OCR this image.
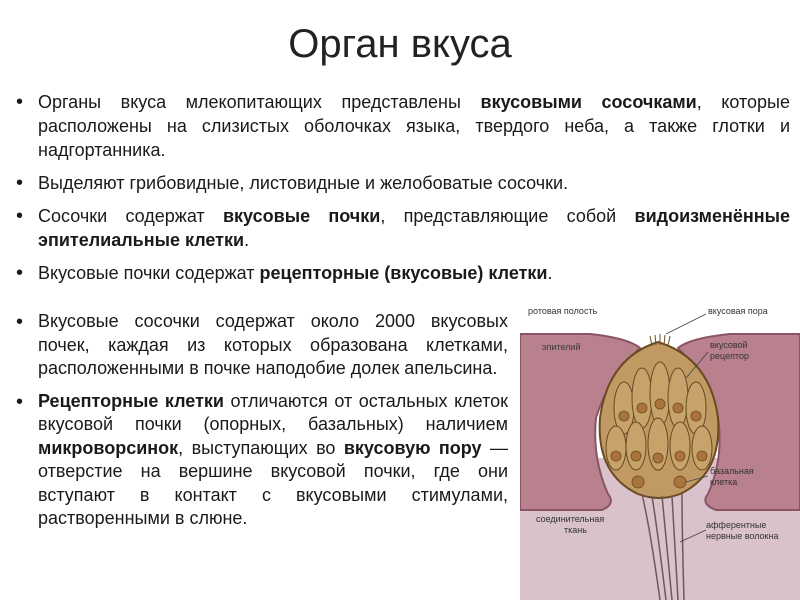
Орган вкуса
• Органы вкуса млекопитающих представлены вкусовыми сосочками, которые расположены на слизистых оболочках языка, твердого неба, а также глотки и надгортанника.
• Выделяют грибовидные, листовидные и желобоватые сосочки.
• Сосочки содержат вкусовые почки, представляющие собой видоизменённые эпителиальные клетки.
• Вкусовые почки содержат рецепторные (вкусовые) клетки.
• Вкусовые сосочки содержат около 2000 вкусовых почек, каждая из которых образована клетками, расположенными в почке наподобие долек апельсина.
• Рецепторные клетки отличаются от остальных клеток вкусовой почки (опорных, базальных) наличием микроворсинок, выступающих во вкусовую пору — отверстие на вершине вкусовой почки, где они вступают в контакт с вкусовыми стимулами, растворенными в слюне.
ротовая полость	вкусовая пора
эпителий	вкусовой
рецептор
базальная
клетка
соединительная
ткань	афферентные
нервные волокна
